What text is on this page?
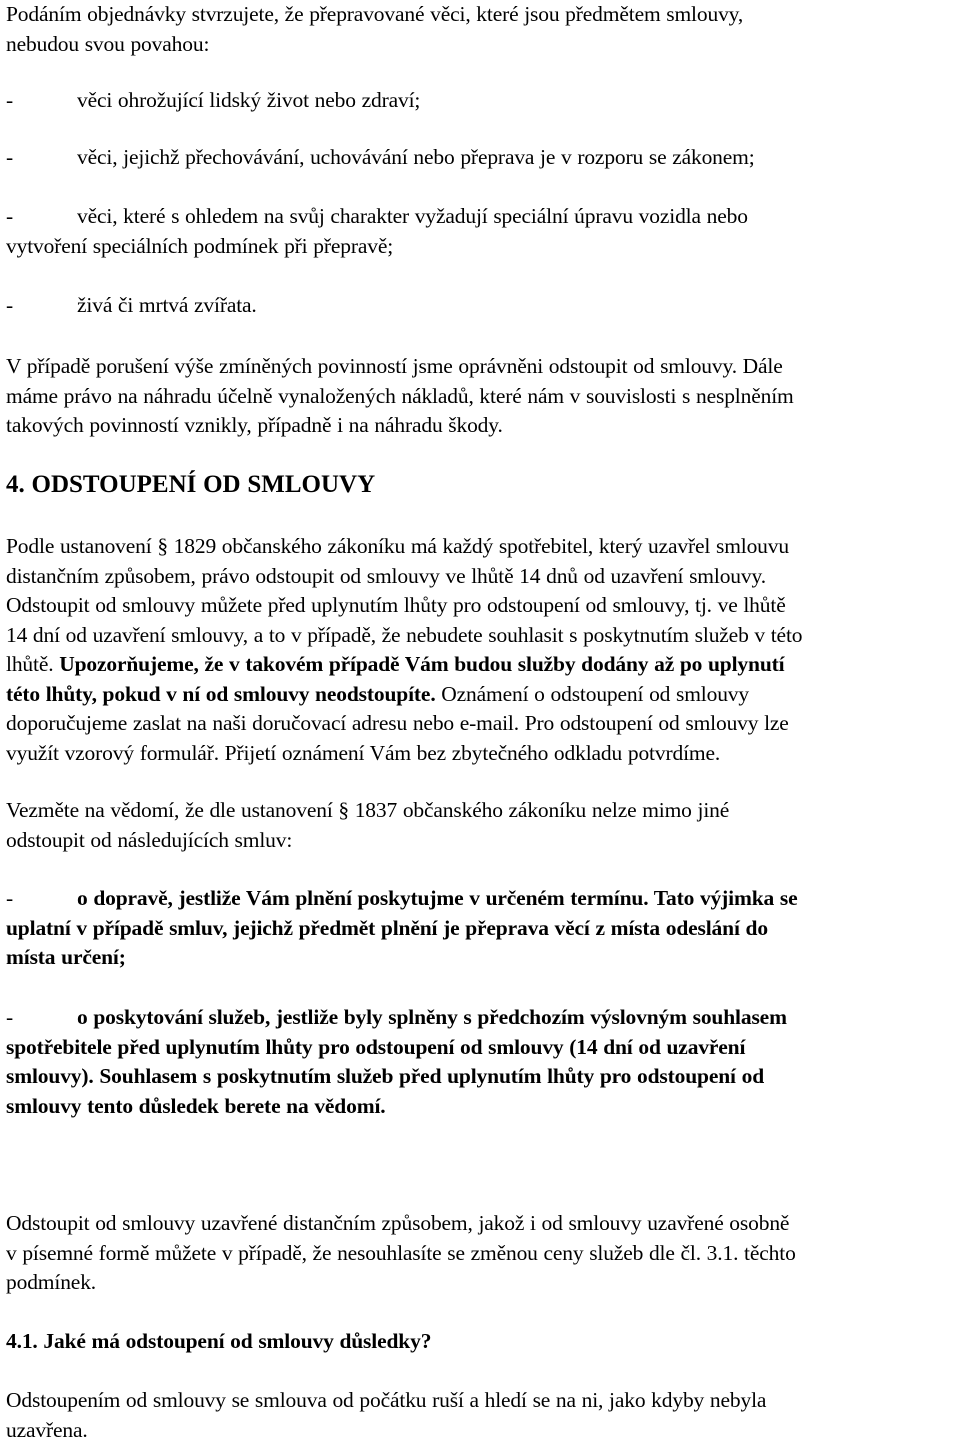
Podáním objednávky stvrzujete, že přepravované věci, které jsou předmětem smlouvy,

nebudou svou povahou:

-	věci ohrožující lidský život nebo zdraví;

-	věci, jejichž přechovávání, uchovávání nebo přeprava je v rozporu se zákonem;

-	věci, které s ohledem na svůj charakter vyžadují speciální úpravu vozidla nebo

vytvoření speciálních podmínek při přepravě;

-	živá či mrtvá zvířata.

V případě porušení výše zmíněných povinností jsme oprávněni odstoupit od smlouvy. Dále

máme právo na náhradu účelně vynaložených nákladů, které nám v souvislosti s nesplněním

takových povinností vznikly, případně i na náhradu škody.

4. ODSTOUPENÍ OD SMLOUVY

Podle ustanovení § 1829 občanského zákoníku má každý spotřebitel, který uzavřel smlouvu

distančním způsobem, právo odstoupit od smlouvy ve lhůtě 14 dnů od uzavření smlouvy.

Odstoupit od smlouvy můžete před uplynutím lhůty pro odstoupení od smlouvy, tj. ve lhůtě

14 dní od uzavření smlouvy, a to v případě, že nebudete souhlasit s poskytnutím služeb v této

lhůtě. Upozorňujeme, že v takovém případě Vám budou služby dodány až po uplynutí

této lhůty, pokud v ní od smlouvy neodstoupíte. Oznámení o odstoupení od smlouvy

doporučujeme zaslat na naši doručovací adresu nebo e-mail. Pro odstoupení od smlouvy lze

využít vzorový formulář. Přijetí oznámení Vám bez zbytečného odkladu potvrdíme.

Vezměte na vědomí, že dle ustanovení § 1837 občanského zákoníku nelze mimo jiné

odstoupit od následujících smluv:

-	o dopravě, jestliže Vám plnění poskytujme v určeném termínu. Tato výjimka se

uplatní v případě smluv, jejichž předmět plnění je přeprava věcí z místa odeslání do

místa určení;

-	o poskytování služeb, jestliže byly splněny s předchozím výslovným souhlasem

spotřebitele před uplynutím lhůty pro odstoupení od smlouvy (14 dní od uzavření

smlouvy). Souhlasem s poskytnutím služeb před uplynutím lhůty pro odstoupení od

smlouvy tento důsledek berete na vědomí.

Odstoupit od smlouvy uzavřené distančním způsobem, jakož i od smlouvy uzavřené osobně

v písemné formě můžete v případě, že nesouhlasíte se změnou ceny služeb dle čl. 3.1. těchto

podmínek.

4.1. Jaké má odstoupení od smlouvy důsledky?

Odstoupením od smlouvy se smlouva od počátku ruší a hledí se na ni, jako kdyby nebyla

uzavřena.
